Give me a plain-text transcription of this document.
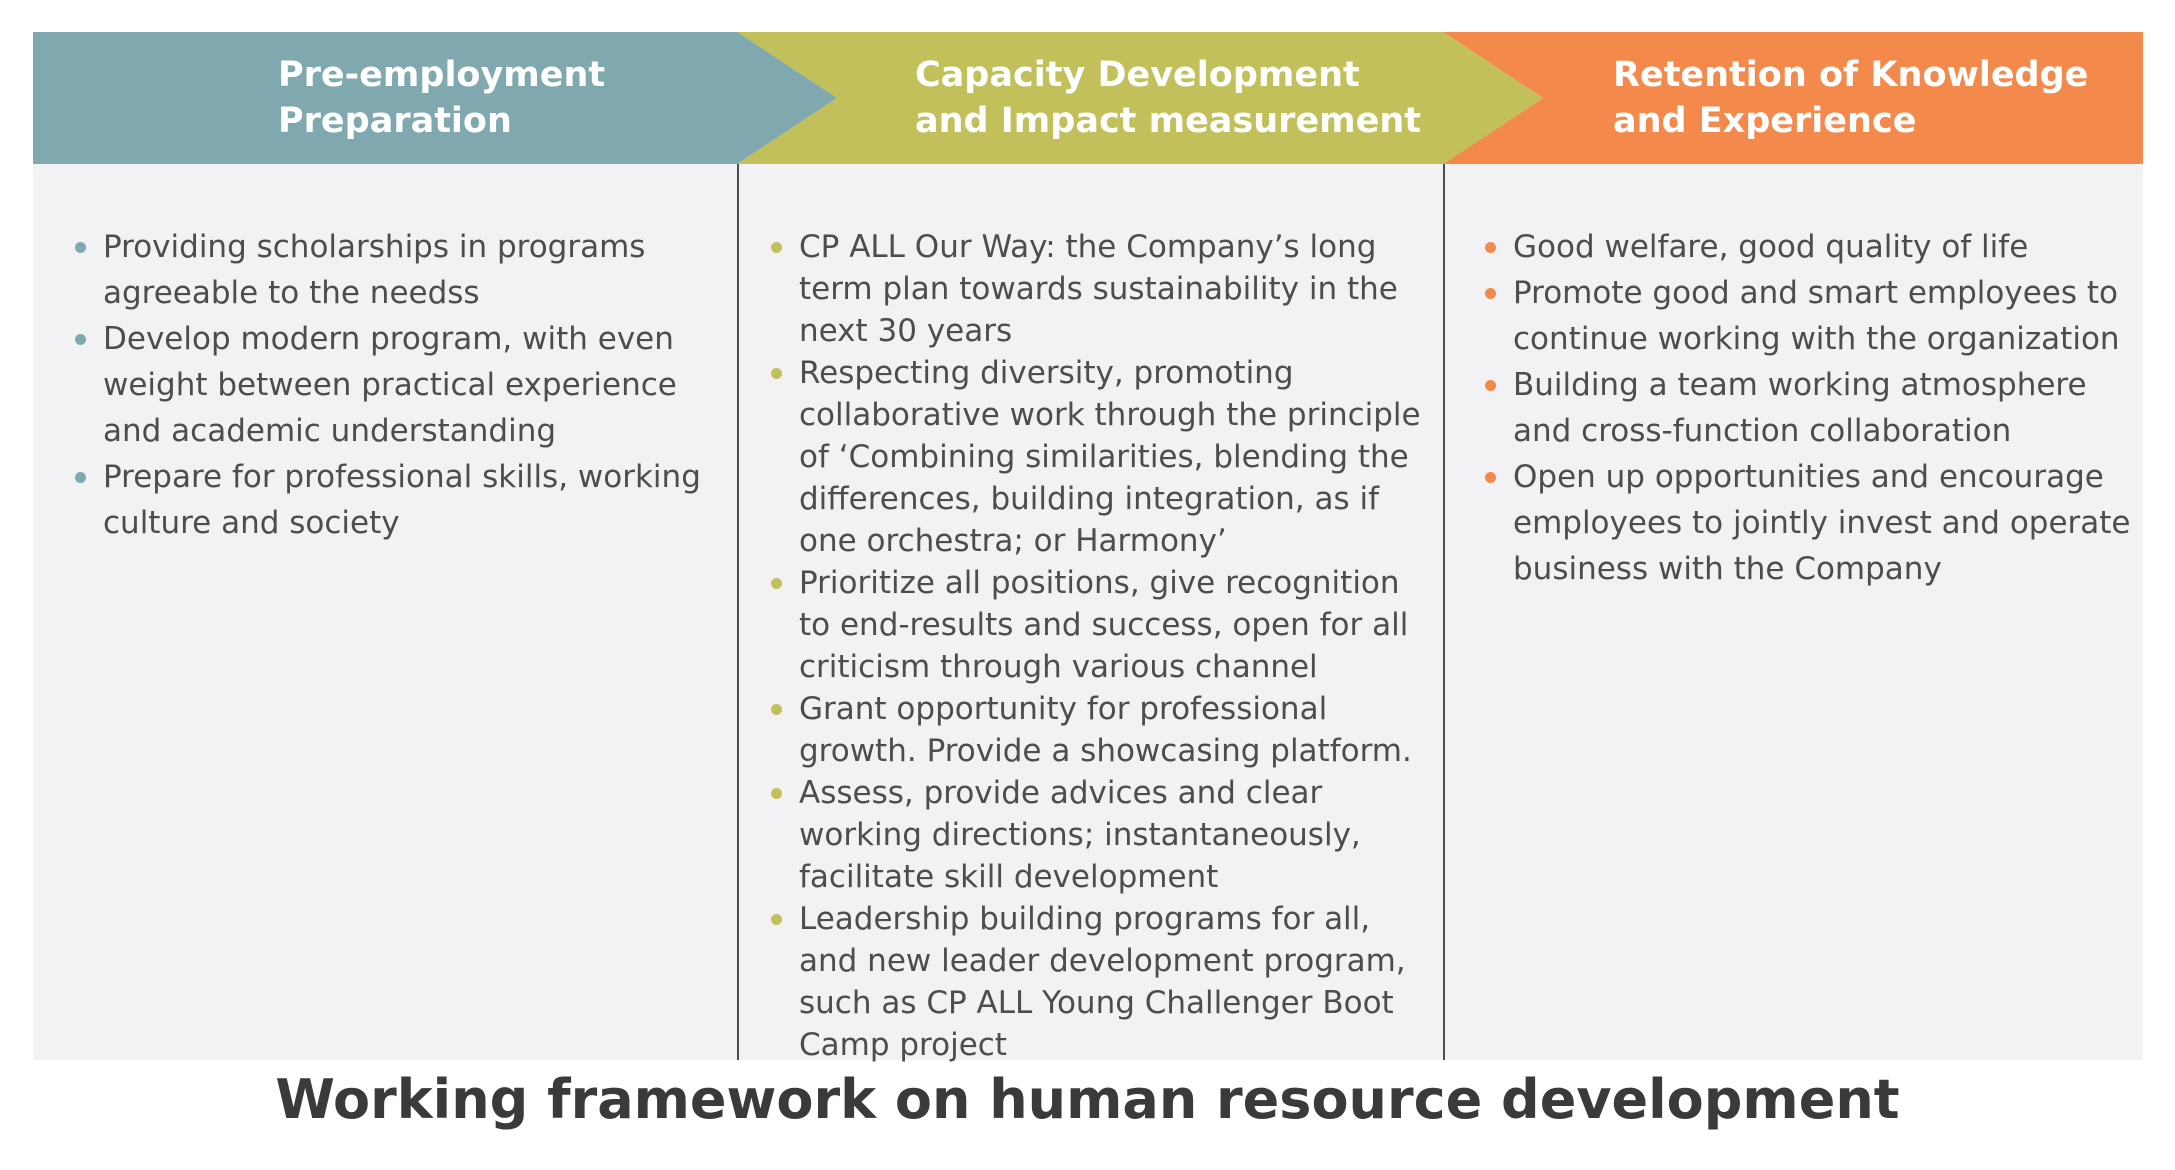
Pre-employment
Preparation
Capacity Development
and Impact measurement
Retention of Knowledge
and Experience
Providing scholarships in programs agreeable to the needss
Develop modern program, with even weight between practical experience and academic understanding
Prepare for professional skills, working culture and society
CP ALL Our Way: the Company’s long term plan towards sustainability in the next 30 years
Respecting diversity, promoting collaborative work through the principle of ‘Combining similarities, blending the differences, building integration, as if one orchestra; or Harmony’
Prioritize all positions, give recognition to end-results and success, open for all criticism through various channel
Grant opportunity for professional growth. Provide a showcasing platform.
Assess, provide advices and clear working directions; instantaneously, facilitate skill development
Leadership building programs for all, and new leader development program, such as CP ALL Young Challenger Boot Camp project
Good welfare, good quality of life
Promote good and smart employees to continue working with the organization
Building a team working atmosphere and cross-function collaboration
Open up opportunities and encourage employees to jointly invest and operate business with the Company
Working framework on human resource development
